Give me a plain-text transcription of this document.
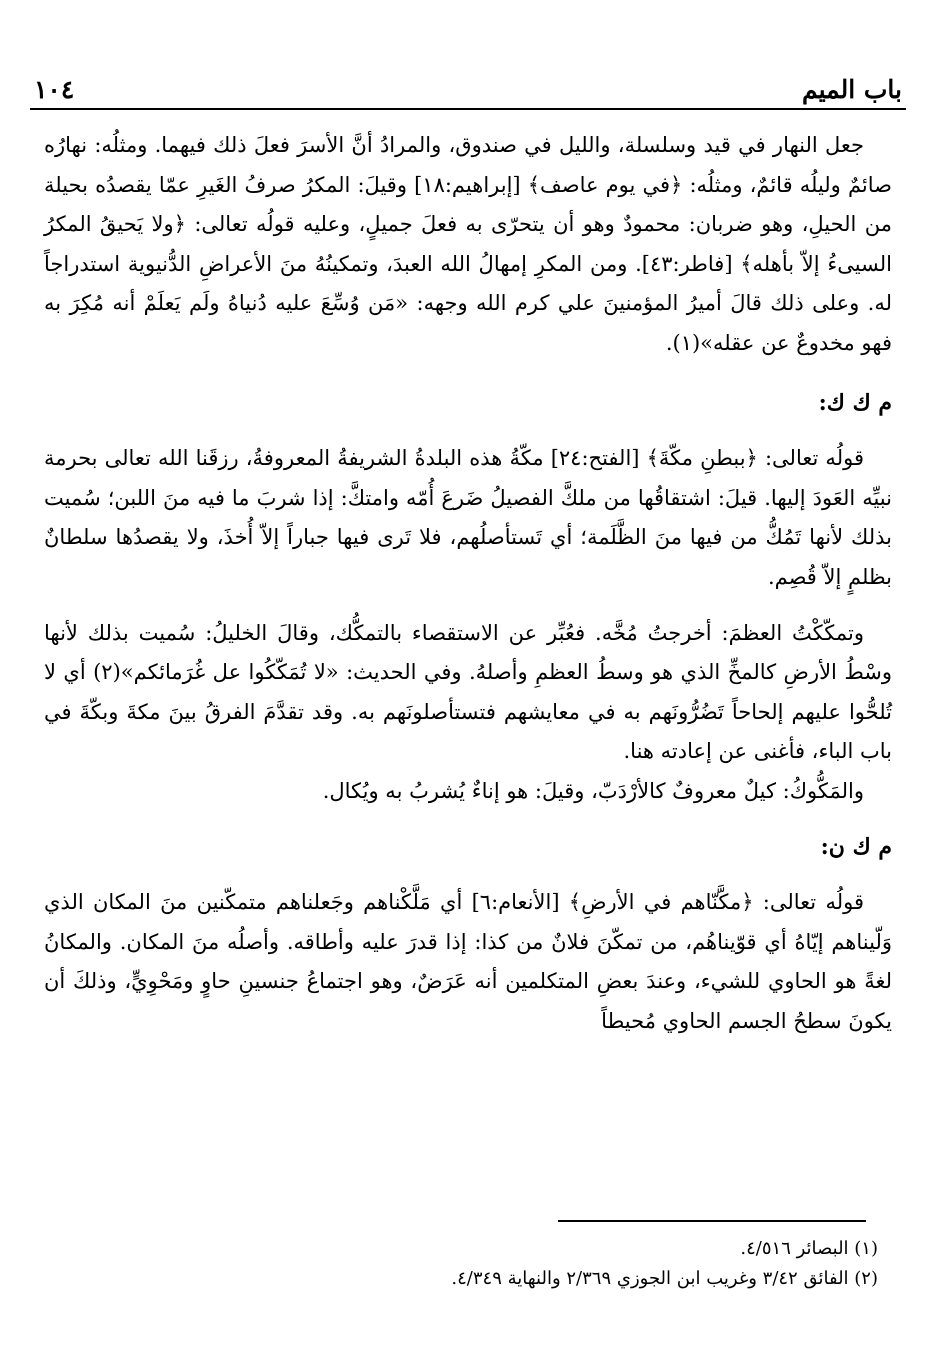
باب الميم
١٠٤

جعل النهار في قيد وسلسلة، والليل في صندوق، والمرادُ أنَّ الأسرَ فعلَ ذلك فيهما. ومثلُه: نهارُه صائمٌ وليلُه قائمٌ، ومثلُه: ﴿في يوم عاصف﴾ [إبراهيم:١٨] وقيلَ: المكرُ صرفُ الغَيرِ عمّا يقصدُه بحيلة من الحيلِ، وهو ضربان: محمودٌ وهو أن يتحرّى به فعلَ جميلٍ، وعليه قولُه تعالى: ﴿ولا يَحيقُ المكرُ السيىءُ إلاّ بأهله﴾ [فاطر:٤٣]. ومن المكرِ إمهالُ الله العبدَ، وتمكينُهُ منَ الأعراضِ الدُّنيوية استدراجاً له. وعلى ذلك قالَ أميرُ المؤمنينَ علي كرم الله وجهه: «مَن وُسِّعَ عليه دُنياهُ ولَم يَعلَمْ أنه مُكِرَ به فهو مخدوعٌ عن عقله»(١).

م ك ك:

قولُه تعالى: ﴿ببطنِ مكّةَ﴾ [الفتح:٢٤] مكّةُ هذه البلدةُ الشريفةُ المعروفةُ، رزقَنا الله تعالى بحرمة نبيِّه العَودَ إليها. قيلَ: اشتقاقُها من ملكَّ الفصيلُ ضَرعَ أُمّه وامتكَّ: إذا شربَ ما فيه منَ اللبن؛ سُميت بذلك لأنها تَمُكُّ من فيها منَ الظَّلَمة؛ أي تَستأصلُهم، فلا تَرى فيها جباراً إلاّ أُخذَ، ولا يقصدُها سلطانٌ بظلمٍ إلاّ قُصِم.

وتمكّكْتُ العظمَ: أخرجتُ مُخَّه. فعُبِّر عن الاستقصاء بالتمكُّك، وقالَ الخليلُ: سُميت بذلك لأنها وسْطُ الأرضِ كالمخِّ الذي هو وسطُ العظمِ وأصلهُ. وفي الحديث: «لا تُمَكّكُوا عل غُرَمائكم»(٢) أي لا تُلحُّوا عليهم إلحاحاً تَضُرُّونَهم به في معايشهم فتستأصلونَهم به. وقد تقدَّمَ الفرقُ بينَ مكةَ وبكّةَ في باب الباء، فأغنى عن إعادته هنا.

والمَكُّوكُ: كيلٌ معروفٌ كالأرْدَبّ، وقيلَ: هو إناءٌ يُشربُ به ويُكال.

م ك ن:

قولُه تعالى: ﴿مكَّنّاهم في الأرضِ﴾ [الأنعام:٦] أي مَلَّكْناهم وجَعلناهم متمكّنين منَ المكان الذي وَلّيناهم إيّاهُ أي قوّيناهُم، من تمكّنَ فلانٌ من كذا: إذا قدرَ عليه وأطاقه. وأصلُه منَ المكان. والمكانُ لغةً هو الحاوي للشيء، وعندَ بعضِ المتكلمين أنه عَرَضٌ، وهو اجتماعُ جنسينِ حاوٍ ومَحْوِيٍّ، وذلكَ أن يكونَ سطحُ الجسم الحاوي مُحيطاً

(١) البصائر ٤/٥١٦.

(٢) الفائق ٣/٤٢ وغريب ابن الجوزي ٢/٣٦٩ والنهاية ٤/٣٤٩.
